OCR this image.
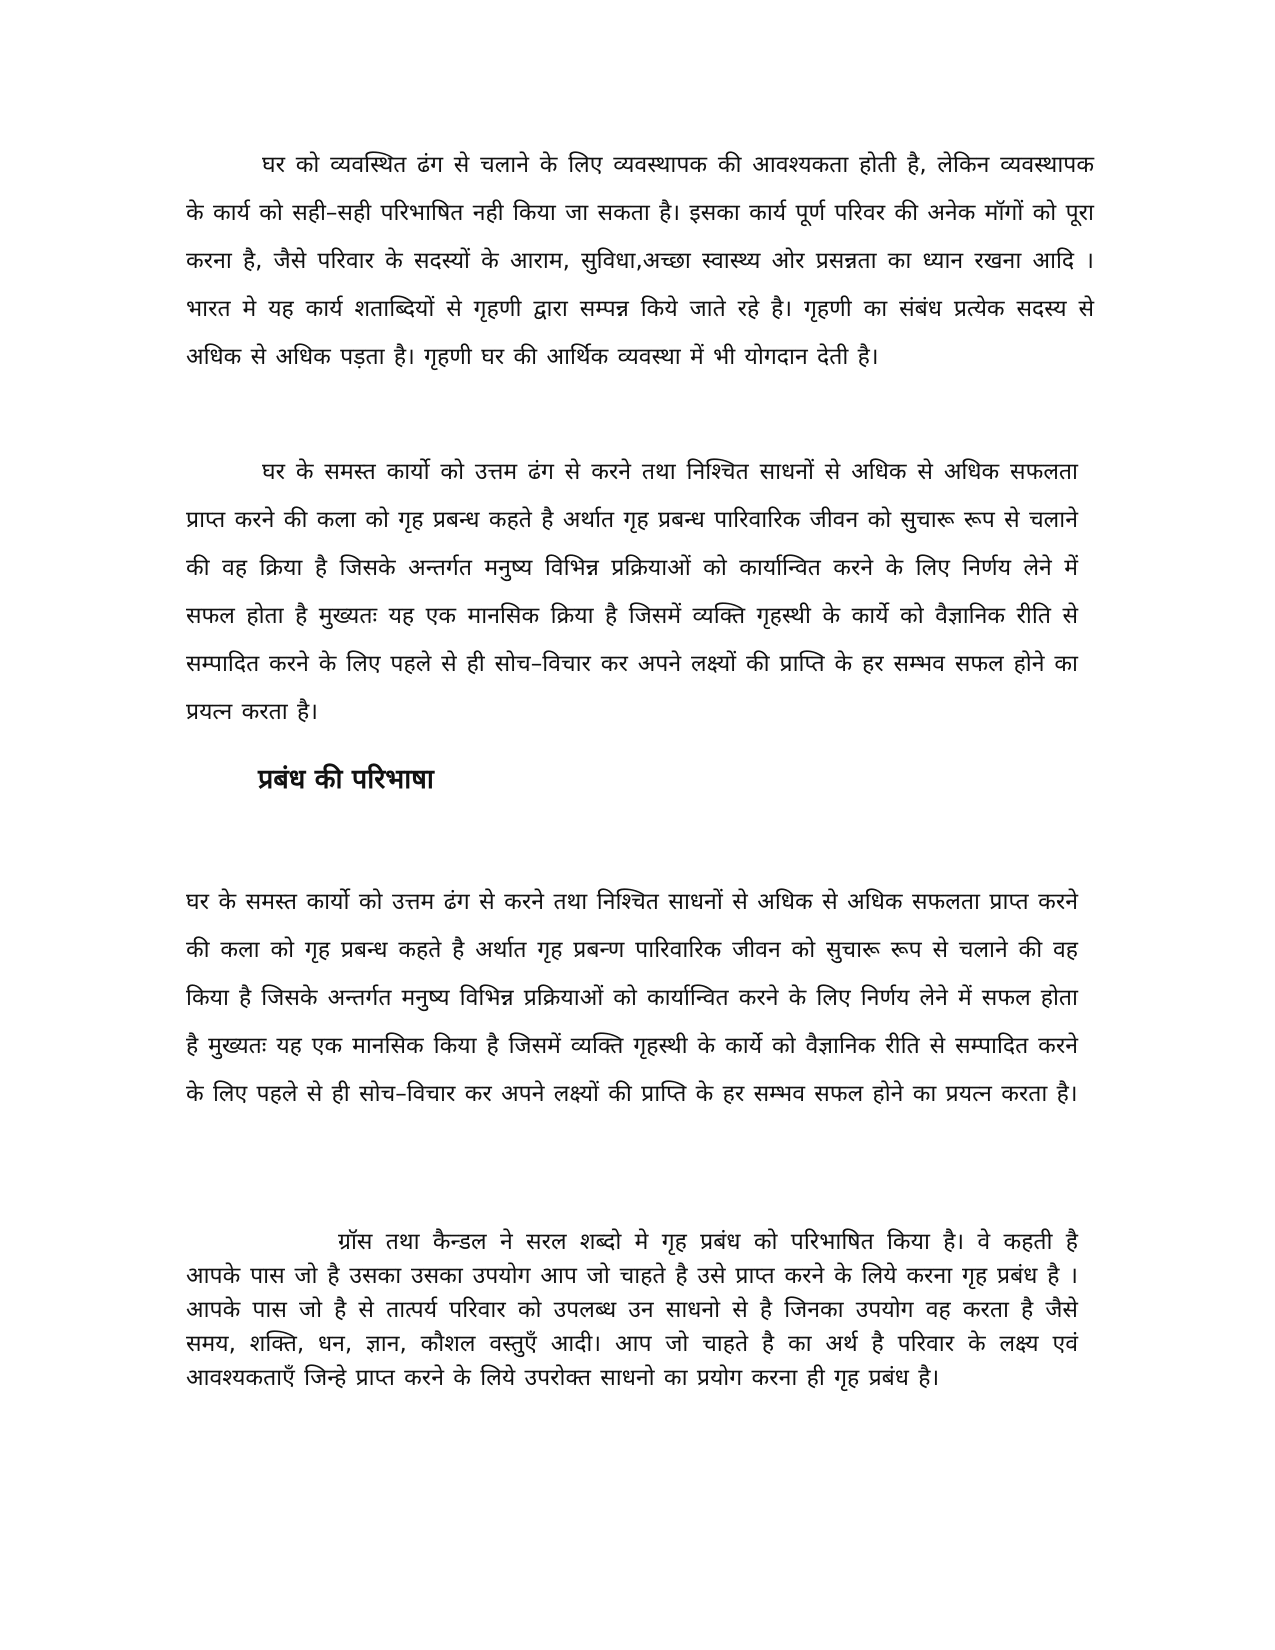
घर को व्यवस्थित ढंग से चलाने के लिए व्यवस्थापक की आवश्यकता होती है, लेकिन व्यवस्थापक के कार्य को सही–सही परिभाषित नही किया जा सकता है। इसका कार्य पूर्ण परिवर की अनेक मॉगों को पूरा करना है, जैसे परिवार के सदस्यों के आराम, सुविधा,अच्छा स्वास्थ्य ओर प्रसन्नता का ध्यान रखना आदि । भारत मे यह कार्य शताब्दियों से गृहणी द्वारा सम्पन्न किये जाते रहे है। गृहणी का संबंध प्रत्येक सदस्य से अधिक से अधिक पड़ता है। गृहणी घर की आर्थिक व्यवस्था में भी योगदान देती है।

घर के समस्त कार्यो को उत्तम ढंग से करने तथा निश्चित साधनों से अधिक से अधिक सफलता प्राप्त करने की कला को गृह प्रबन्ध कहते है अर्थात गृह प्रबन्ध पारिवारिक जीवन को सुचारू रूप से चलाने की वह क्रिया है जिसके अन्तर्गत मनुष्य विभिन्न प्रक्रियाओं को कार्यान्वित करने के लिए निर्णय लेने में सफल होता है मुख्यतः यह एक मानसिक क्रिया है जिसमें व्यक्ति गृहस्थी के कार्ये को वैज्ञानिक रीति से सम्पादित करने के लिए पहले से ही सोच–विचार कर अपने लक्ष्यों की प्राप्ति के हर सम्भव सफल होने का प्रयत्न करता है।

प्रबंध की परिभाषा

घर के समस्त कार्यो को उत्तम ढंग से करने तथा निश्चित साधनों से अधिक से अधिक सफलता प्राप्त करने की कला को गृह प्रबन्ध कहते है अर्थात गृह प्रबन्ण पारिवारिक जीवन को सुचारू रूप से चलाने की वह किया है जिसके अन्तर्गत मनुष्य विभिन्न प्रक्रियाओं को कार्यान्वित करने के लिए निर्णय लेने में सफल होता है मुख्यतः यह एक मानसिक किया है जिसमें व्यक्ति गृहस्थी के कार्ये को वैज्ञानिक रीति से सम्पादित करने के लिए पहले से ही सोच–विचार कर अपने लक्ष्यों की प्राप्ति के हर सम्भव सफल होने का प्रयत्न करता है।

ग्रॉस तथा कैन्डल ने सरल शब्दो मे गृह प्रबंध को परिभाषित किया है। वे कहती है आपके पास जो है उसका उसका उपयोग आप जो चाहते है उसे प्राप्त करने के लिये करना गृह प्रबंध है । आपके पास जो है से तात्पर्य परिवार को उपलब्ध उन साधनो से है जिनका उपयोग वह करता है जैसे समय, शक्ति, धन, ज्ञान, कौशल वस्तुएँ आदी। आप जो चाहते है का अर्थ है परिवार के लक्ष्य एवं आवश्यकताएँ जिन्हे प्राप्त करने के लिये उपरोक्त साधनो का प्रयोग करना ही गृह प्रबंध है।
